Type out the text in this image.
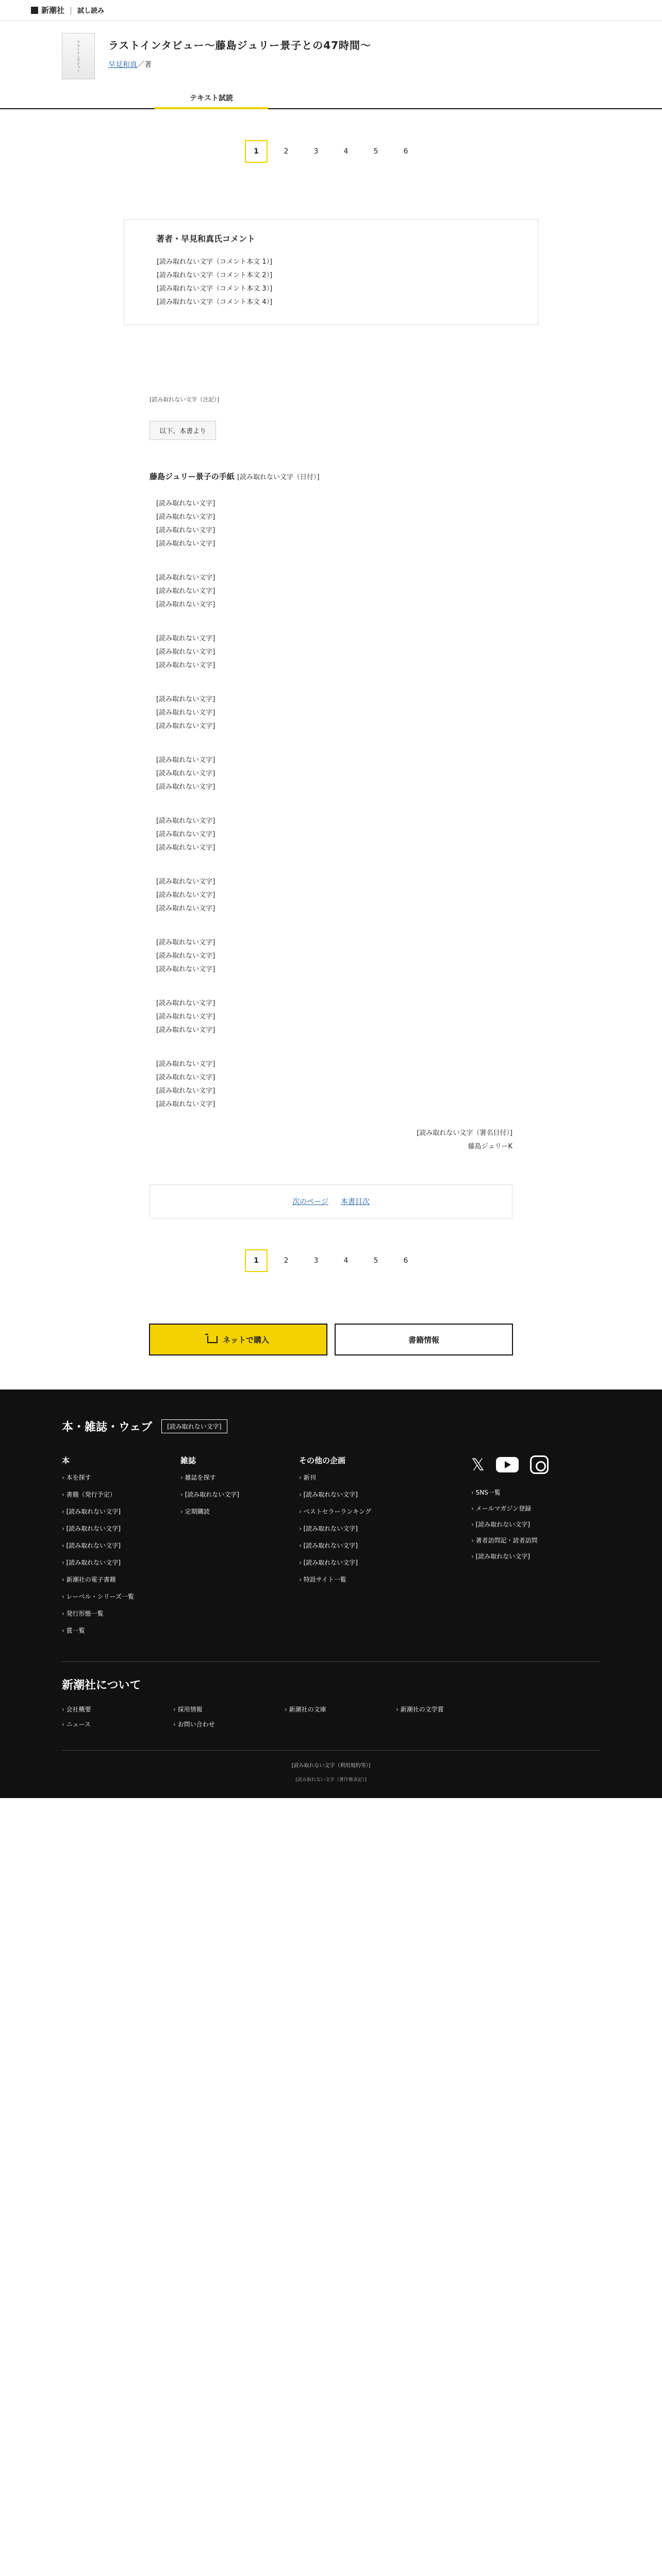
新潮社 | 試し読み
ラストインタビュー	ラストインタビュー〜藤島ジュリー景子との47時間〜
早見和真／著
テキスト試読
1	2	3	4	5	6
著者・早見和真氏コメント

[読み取れない文字（コメント本文 1）]

[読み取れない文字（コメント本文 2）]

[読み取れない文字（コメント本文 3）]

[読み取れない文字（コメント本文 4）]

[読み取れない文字（注記）]
以下、本書より
藤島ジュリー景子の手紙 [読み取れない文字（日付）]

[読み取れない文字]

[読み取れない文字]

[読み取れない文字]

[読み取れない文字]

[読み取れない文字]

[読み取れない文字]

[読み取れない文字]

[読み取れない文字]

[読み取れない文字]

[読み取れない文字]

[読み取れない文字]

[読み取れない文字]

[読み取れない文字]

[読み取れない文字]

[読み取れない文字]

[読み取れない文字]

[読み取れない文字]

[読み取れない文字]

[読み取れない文字]

[読み取れない文字]

[読み取れない文字]

[読み取れない文字]

[読み取れない文字]

[読み取れない文字]

[読み取れない文字]

[読み取れない文字]

[読み取れない文字]

[読み取れない文字]

[読み取れない文字]

[読み取れない文字]

[読み取れない文字]

[読み取れない文字]

[読み取れない文字（署名日付）]
藤島ジュリーK
次のページ 本書目次
1	2	3	4	5	6
ネットで購入	書籍情報
本・雑誌・ウェブ	[読み取れない文字]
本
› 本を探す
› 書籍（発行予定）
› [読み取れない文字]
› [読み取れない文字]
› [読み取れない文字]
› [読み取れない文字]
› 新潮社の電子書籍
› レーベル・シリーズ一覧
› 発行形態一覧
› 賞一覧
雑誌
› 雑誌を探す
› [読み取れない文字]
› 定期購読
その他の企画
› 新刊
› [読み取れない文字]
› ベストセラーランキング
› [読み取れない文字]
› [読み取れない文字]
› [読み取れない文字]
› 特設サイト一覧
𝕏
› SNS一覧
› メールマガジン登録
› [読み取れない文字]
› 著者訪問記・読者訪問
› [読み取れない文字]
新潮社について
› 会社概要	› 採用情報	› 新潮社の文庫	› 新潮社の文学賞
› ニュース	› お問い合わせ
[読み取れない文字（利用規約等）]
[読み取れない文字（著作権表記）]
